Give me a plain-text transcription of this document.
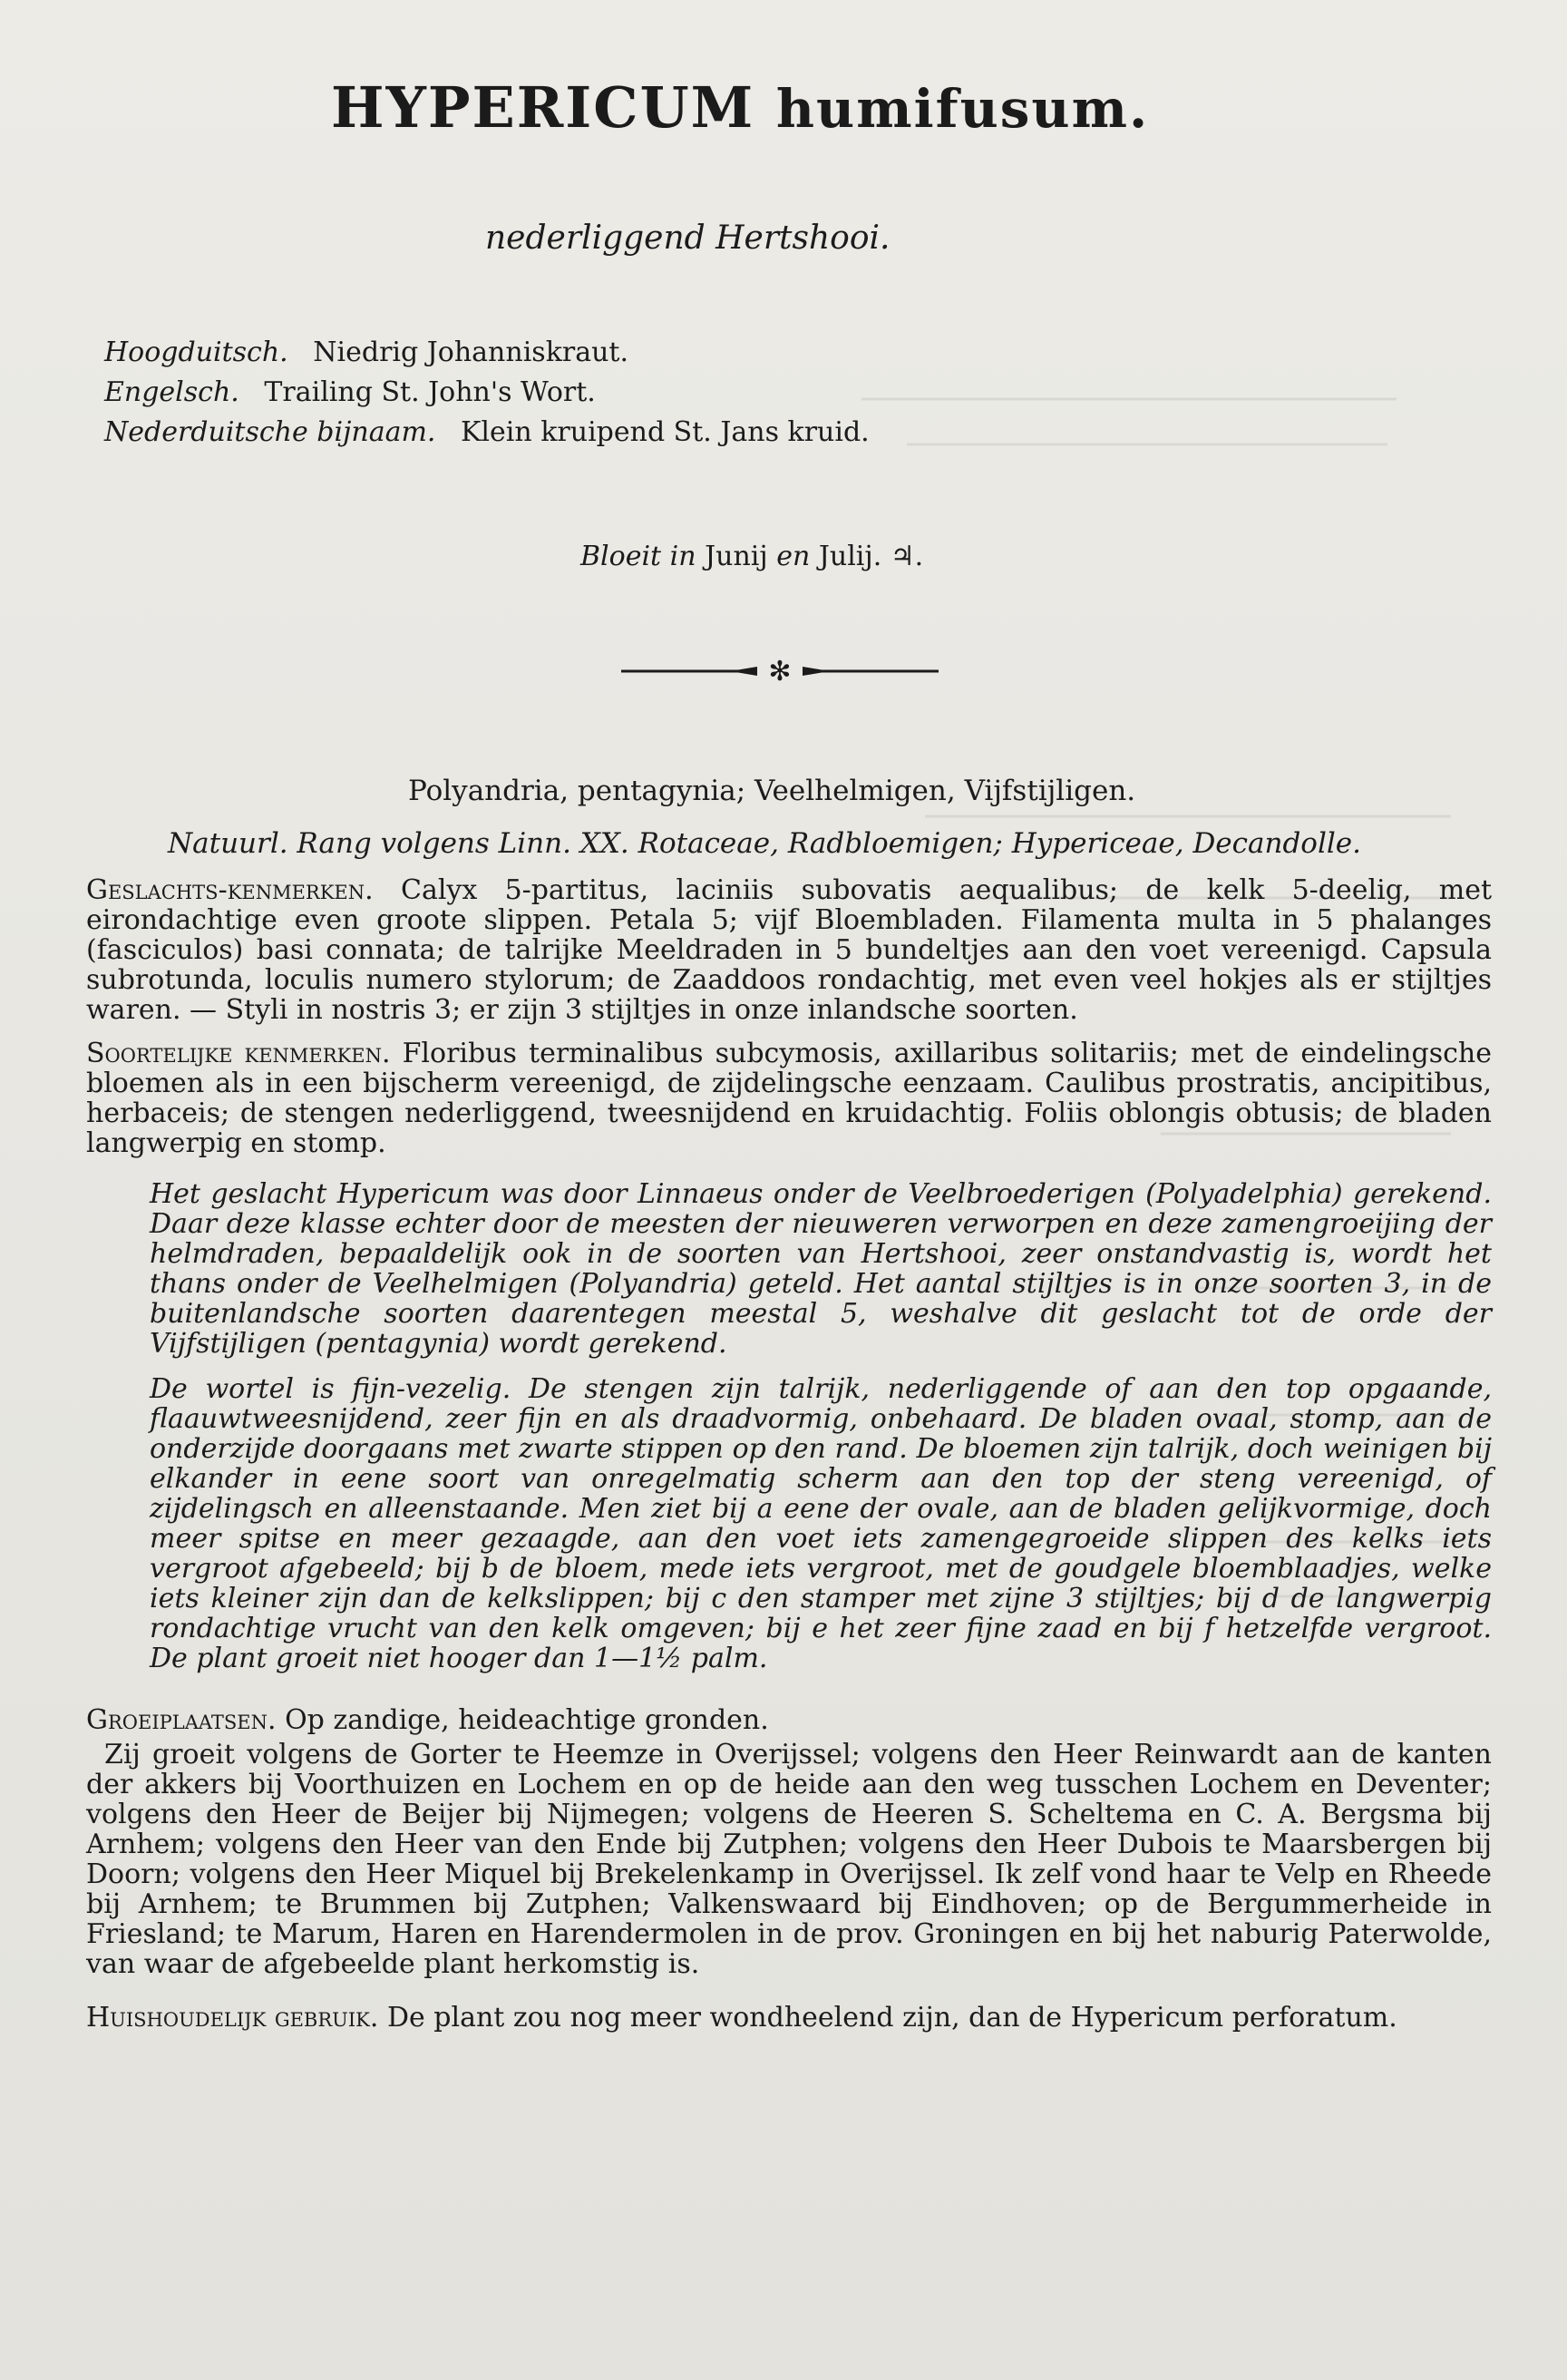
HYPERICUM humifusum.
nederliggend Hertshooi.
Hoogduitsch. Niedrig Johanniskraut.
Engelsch. Trailing St. John's Wort.
Nederduitsche bijnaam. Klein kruipend St. Jans kruid.
Bloeit in Junij en Julij. ♃.
✻
Polyandria, pentagynia; Veelhelmigen, Vijfstijligen.
Natuurl. Rang volgens Linn. XX. Rotaceae, Radbloemigen; Hypericeae, Decandolle.
Geslachts-kenmerken. Calyx 5-partitus, laciniis subovatis aequalibus; de kelk 5-deelig, met eirondachtige even groote slippen. Petala 5; vijf Bloembladen. Filamenta multa in 5 phalanges (fasciculos) basi connata; de talrijke Meeldraden in 5 bundeltjes aan den voet vereenigd. Capsula subrotunda, loculis numero stylorum; de Zaaddoos rondachtig, met even veel hokjes als er stijltjes waren. — Styli in nostris 3; er zijn 3 stijltjes in onze inlandsche soorten.
Soortelijke kenmerken. Floribus terminalibus subcymosis, axillaribus solitariis; met de eindelingsche bloemen als in een bijscherm vereenigd, de zijdelingsche eenzaam. Caulibus prostratis, ancipitibus, herbaceis; de stengen nederliggend, tweesnijdend en kruidachtig. Foliis oblongis obtusis; de bladen langwerpig en stomp.
Het geslacht Hypericum was door Linnaeus onder de Veelbroederigen (Polyadelphia) gerekend. Daar deze klasse echter door de meesten der nieuweren verworpen en deze zamengroeijing der helmdraden, bepaaldelijk ook in de soorten van Hertshooi, zeer onstandvastig is, wordt het thans onder de Veelhelmigen (Polyandria) geteld. Het aantal stijltjes is in onze soorten 3, in de buitenlandsche soorten daarentegen meestal 5, weshalve dit geslacht tot de orde der Vijfstijligen (pentagynia) wordt gerekend.
De wortel is fijn-vezelig. De stengen zijn talrijk, nederliggende of aan den top opgaande, flaauwtweesnijdend, zeer fijn en als draadvormig, onbehaard. De bladen ovaal, stomp, aan de onderzijde doorgaans met zwarte stippen op den rand. De bloemen zijn talrijk, doch weinigen bij elkander in eene soort van onregelmatig scherm aan den top der steng vereenigd, of zijdelingsch en alleenstaande. Men ziet bij a eene der ovale, aan de bladen gelijkvormige, doch meer spitse en meer gezaagde, aan den voet iets zamengegroeide slippen des kelks iets vergroot afgebeeld; bij b de bloem, mede iets vergroot, met de goudgele bloemblaadjes, welke iets kleiner zijn dan de kelkslippen; bij c den stamper met zijne 3 stijltjes; bij d de langwerpig rondachtige vrucht van den kelk omgeven; bij e het zeer fijne zaad en bij f hetzelfde vergroot. De plant groeit niet hooger dan 1—1½ palm.
Groeiplaatsen. Op zandige, heideachtige gronden.
Zij groeit volgens de Gorter te Heemze in Overijssel; volgens den Heer Reinwardt aan de kanten der akkers bij Voorthuizen en Lochem en op de heide aan den weg tusschen Lochem en Deventer; volgens den Heer de Beijer bij Nijmegen; volgens de Heeren S. Scheltema en C. A. Bergsma bij Arnhem; volgens den Heer van den Ende bij Zutphen; volgens den Heer Dubois te Maarsbergen bij Doorn; volgens den Heer Miquel bij Brekelenkamp in Overijssel. Ik zelf vond haar te Velp en Rheede bij Arnhem; te Brummen bij Zutphen; Valkenswaard bij Eindhoven; op de Bergummerheide in Friesland; te Marum, Haren en Harendermolen in de prov. Groningen en bij het naburig Paterwolde, van waar de afgebeelde plant herkomstig is.
Huishoudelijk gebruik. De plant zou nog meer wondheelend zijn, dan de Hypericum perforatum.
